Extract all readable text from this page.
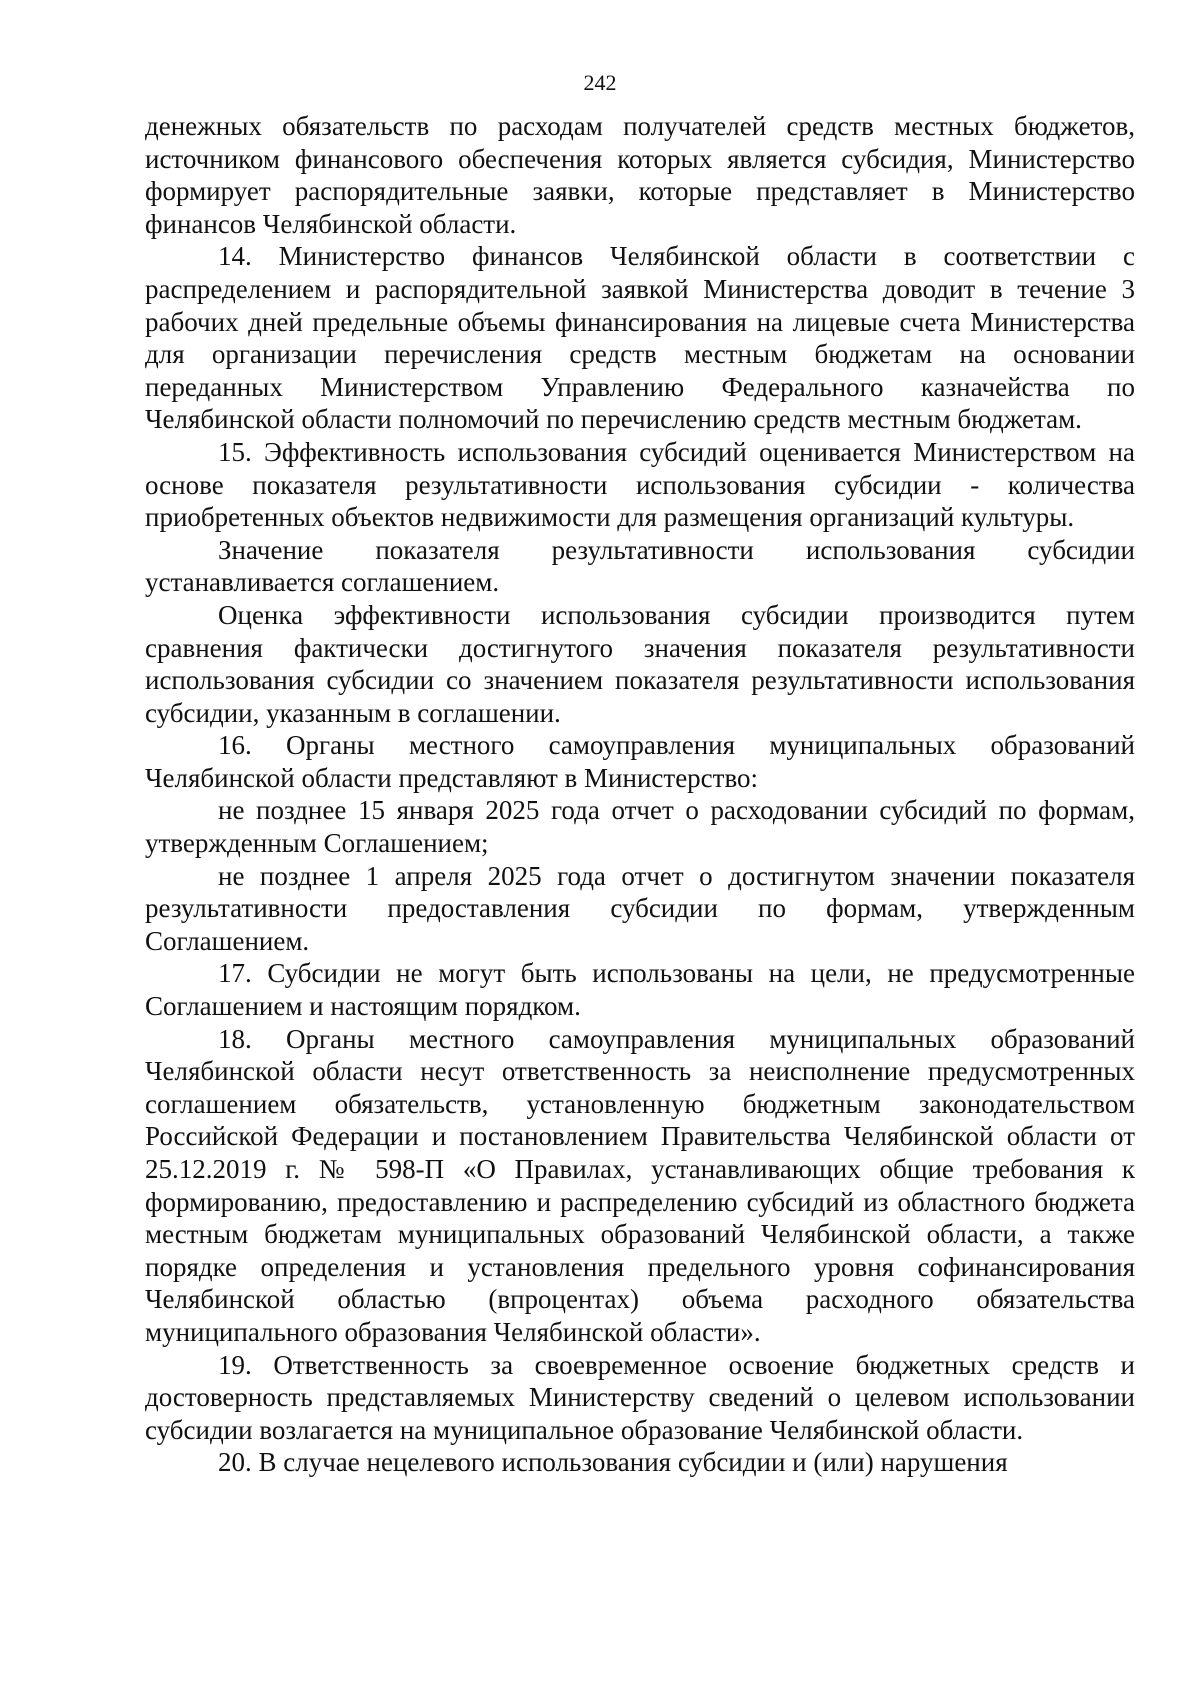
242

денежных обязательств по расходам получателей средств местных бюджетов, источником финансового обеспечения которых является субсидия, Министерство формирует распорядительные заявки, которые представляет в Министерство финансов Челябинской области.

14. Министерство финансов Челябинской области в соответствии с распределением и распорядительной заявкой Министерства доводит в течение 3 рабочих дней предельные объемы финансирования на лицевые счета Министерства для организации перечисления средств местным бюджетам на основании переданных Министерством Управлению Федерального казначейства по Челябинской области полномочий по перечислению средств местным бюджетам.

15. Эффективность использования субсидий оценивается Министерством на основе показателя результативности использования субсидии - количества приобретенных объектов недвижимости для размещения организаций культуры.

Значение показателя результативности использования субсидии устанавливается соглашением.

Оценка эффективности использования субсидии производится путем сравнения фактически достигнутого значения показателя результативности использования субсидии со значением показателя результативности использования субсидии, указанным в соглашении.

16. Органы местного самоуправления муниципальных образований Челябинской области представляют в Министерство:

не позднее 15 января 2025 года отчет о расходовании субсидий по формам, утвержденным Соглашением;

не позднее 1 апреля 2025 года отчет о достигнутом значении показателя результативности предоставления субсидии по формам, утвержденным Соглашением.

17. Субсидии не могут быть использованы на цели, не предусмотренные Соглашением и настоящим порядком.

18. Органы местного самоуправления муниципальных образований Челябинской области несут ответственность за неисполнение предусмотренных соглашением обязательств, установленную бюджетным законодательством Российской Федерации и постановлением Правительства Челябинской области от 25.12.2019 г. № 598-П «О Правилах, устанавливающих общие требования к формированию, предоставлению и распределению субсидий из областного бюджета местным бюджетам муниципальных образований Челябинской области, а также порядке определения и установления предельного уровня софинансирования Челябинской областью (впроцентах) объема расходного обязательства муниципального образования Челябинской области».

19. Ответственность за своевременное освоение бюджетных средств и достоверность представляемых Министерству сведений о целевом использовании субсидии возлагается на муниципальное образование Челябинской области.

20. В случае нецелевого использования субсидии и (или) нарушения
